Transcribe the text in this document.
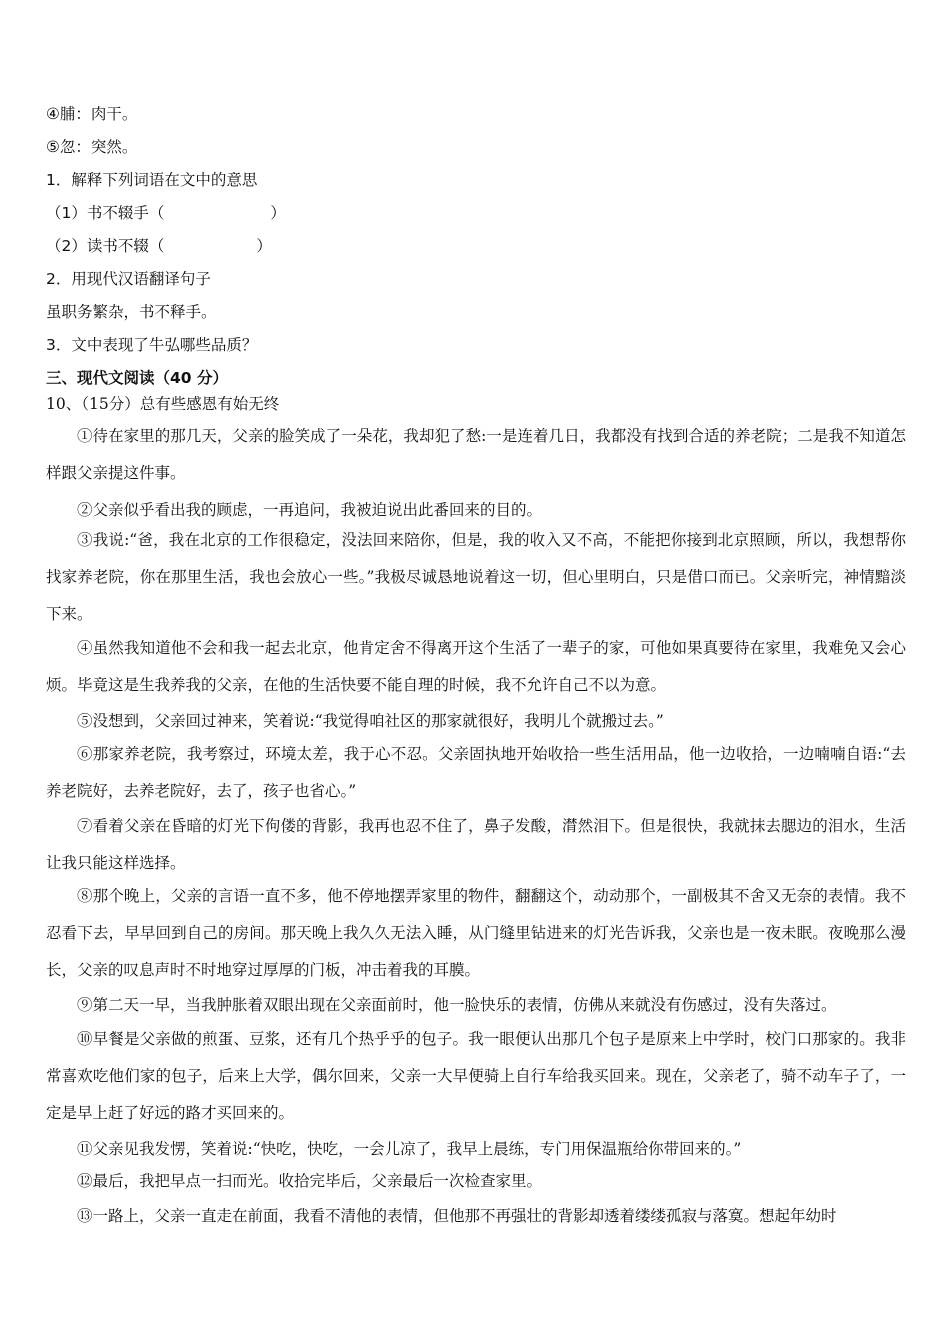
④脯：肉干。
⑤忽：突然。
1．解释下列词语在文中的意思
（1）书不辍手（	）
（2）读书不辍（	）
2．用现代汉语翻译句子
虽职务繁杂，书不释手。
3．文中表现了牛弘哪些品质？
三、现代文阅读（40 分）
10、（15分）总有些感恩有始无终

①待在家里的那几天，父亲的脸笑成了一朵花，我却犯了愁:一是连着几日，我都没有找到合适的养老院；二是我不知道怎样跟父亲提这件事。

②父亲似乎看出我的顾虑，一再追问，我被迫说出此番回来的目的。

③我说:“爸，我在北京的工作很稳定，没法回来陪你，但是，我的收入又不高，不能把你接到北京照顾，所以，我想帮你找家养老院，你在那里生活，我也会放心一些。”我极尽诚恳地说着这一切，但心里明白，只是借口而已。父亲听完，神情黯淡下来。

④虽然我知道他不会和我一起去北京，他肯定舍不得离开这个生活了一辈子的家，可他如果真要待在家里，我难免又会心烦。毕竟这是生我养我的父亲，在他的生活快要不能自理的时候，我不允许自己不以为意。

⑤没想到，父亲回过神来，笑着说:“我觉得咱社区的那家就很好，我明儿个就搬过去。”

⑥那家养老院，我考察过，环境太差，我于心不忍。父亲固执地开始收拾一些生活用品，他一边收拾，一边喃喃自语:“去养老院好，去养老院好，去了，孩子也省心。”

⑦看着父亲在昏暗的灯光下佝偻的背影，我再也忍不住了，鼻子发酸，潸然泪下。但是很快，我就抹去腮边的泪水，生活让我只能这样选择。

⑧那个晚上，父亲的言语一直不多，他不停地摆弄家里的物件，翻翻这个，动动那个，一副极其不舍又无奈的表情。我不忍看下去，早早回到自己的房间。那天晚上我久久无法入睡，从门缝里钻进来的灯光告诉我，父亲也是一夜未眠。夜晚那么漫长，父亲的叹息声时不时地穿过厚厚的门板，冲击着我的耳膜。

⑨第二天一早，当我肿胀着双眼出现在父亲面前时，他一脸快乐的表情，仿佛从来就没有伤感过，没有失落过。

⑩早餐是父亲做的煎蛋、豆浆，还有几个热乎乎的包子。我一眼便认出那几个包子是原来上中学时，校门口那家的。我非常喜欢吃他们家的包子，后来上大学，偶尔回来，父亲一大早便骑上自行车给我买回来。现在，父亲老了，骑不动车子了，一定是早上赶了好远的路才买回来的。

⑪父亲见我发愣，笑着说:“快吃，快吃，一会儿凉了，我早上晨练，专门用保温瓶给你带回来的。”

⑫最后，我把早点一扫而光。收拾完毕后，父亲最后一次检查家里。

⑬一路上，父亲一直走在前面，我看不清他的表情，但他那不再强壮的背影却透着缕缕孤寂与落寞。想起年幼时
